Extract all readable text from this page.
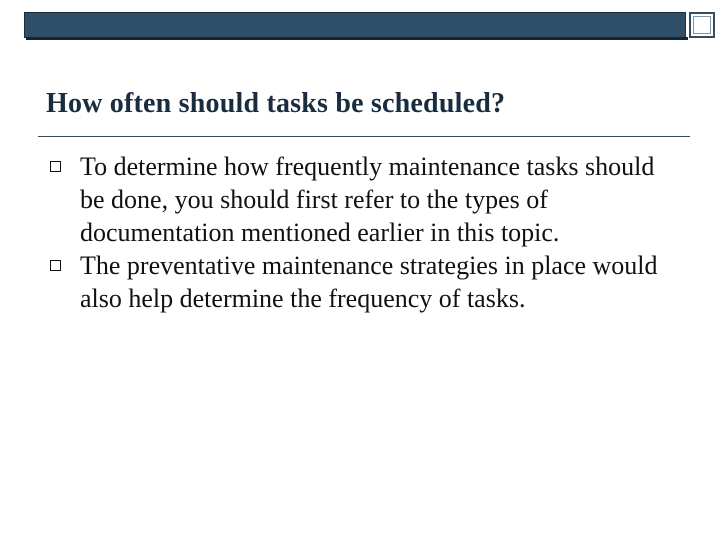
How often should tasks be scheduled?
To determine how frequently maintenance tasks should be done, you should first refer to the types of documentation mentioned earlier in this topic.
The preventative maintenance strategies in place would also help determine the frequency of tasks.
